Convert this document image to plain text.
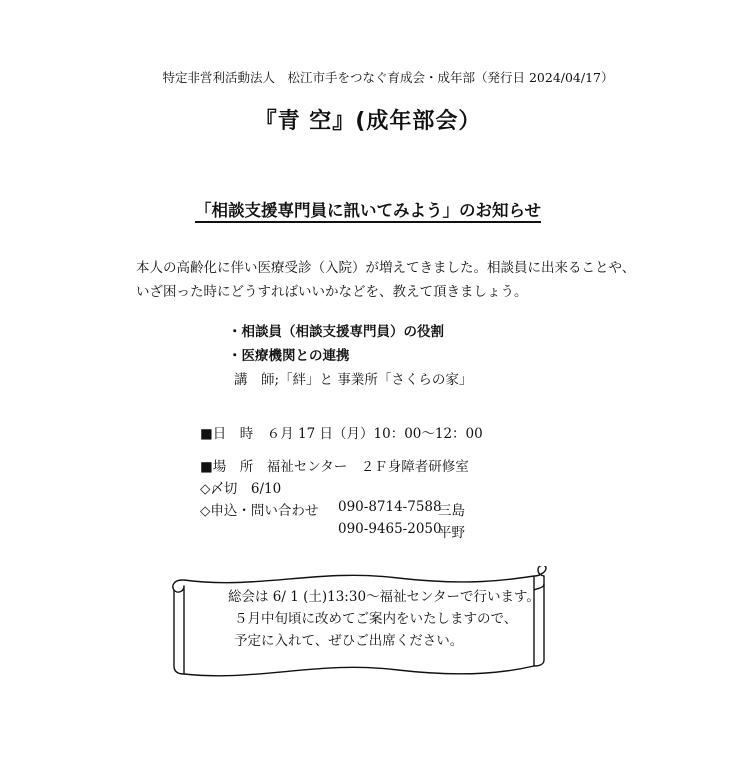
特定非営利活動法人　松江市手をつなぐ育成会・成年部（発行日 2024/04/17）
『青 空』(成年部会）
「相談支援専門員に訊いてみよう」のお知らせ
本人の高齢化に伴い医療受診（入院）が増えてきました。相談員に出来ることや、
いざ困った時にどうすればいいかなどを、教えて頂きましょう。
・相談員（相談支援専門員）の役割
・医療機関との連携
講　師;「絆」と 事業所「さくらの家」
■日　時　６月 17 日（月）10：00〜12：00
■場　所　福祉センター　２Ｆ身障者研修室
◇〆切　6/10
◇申込・問い合わせ 090-8714-7588
三島
090-9465-2050
平野
総会は 6/ 1 (土)13:30〜福祉センターで行います。
５月中旬頃に改めてご案内をいたしますので、
予定に入れて、ぜひご出席ください。
